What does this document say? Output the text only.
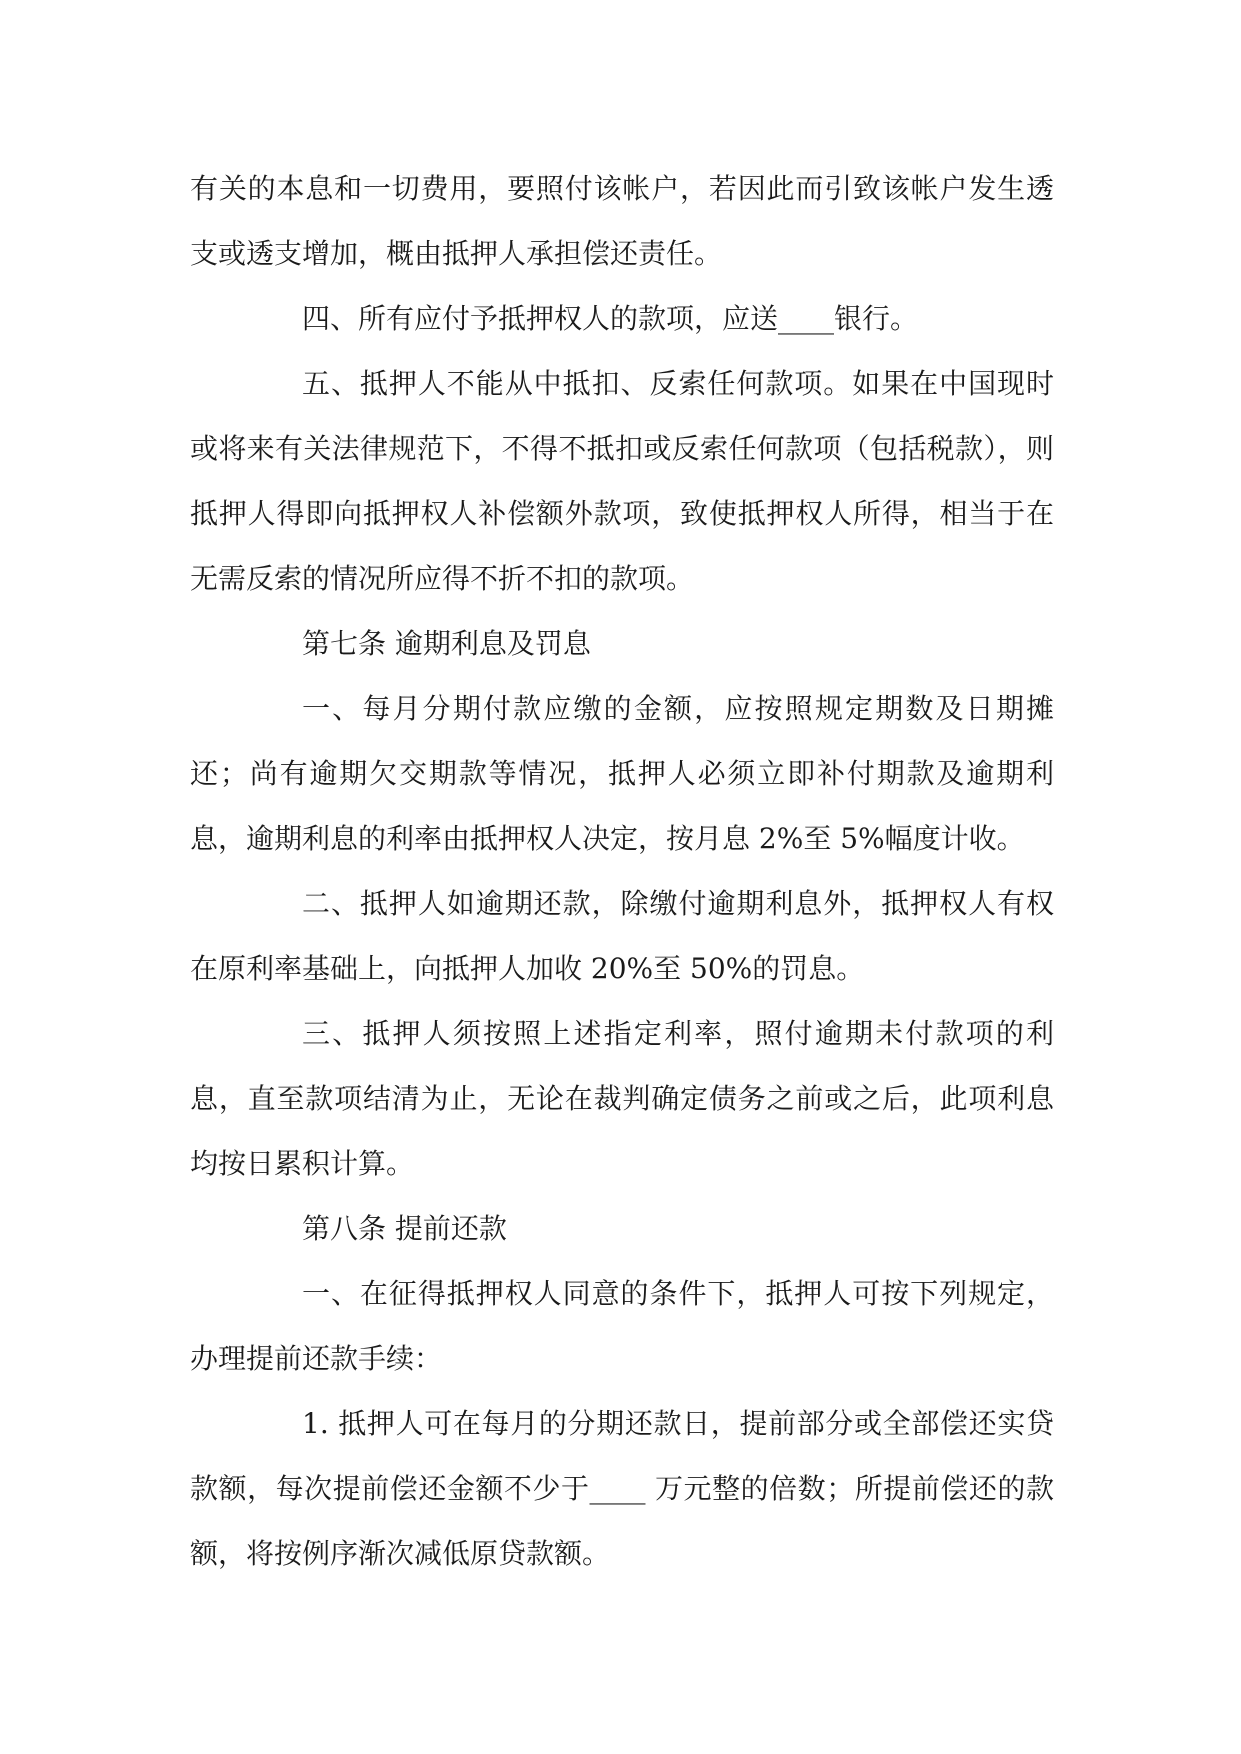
有关的本息和一切费用，要照付该帐户，若因此而引致该帐户发生透支或透支增加，概由抵押人承担偿还责任。

四、所有应付予抵押权人的款项，应送____银行。

五、抵押人不能从中抵扣、反索任何款项。如果在中国现时或将来有关法律规范下，不得不抵扣或反索任何款项（包括税款），则抵押人得即向抵押权人补偿额外款项，致使抵押权人所得，相当于在无需反索的情况所应得不折不扣的款项。

第七条 逾期利息及罚息

一、每月分期付款应缴的金额，应按照规定期数及日期摊还；尚有逾期欠交期款等情况，抵押人必须立即补付期款及逾期利息，逾期利息的利率由抵押权人决定，按月息 2%至 5%幅度计收。

二、抵押人如逾期还款，除缴付逾期利息外，抵押权人有权在原利率基础上，向抵押人加收 20%至 50%的罚息。

三、抵押人须按照上述指定利率，照付逾期未付款项的利息，直至款项结清为止，无论在裁判确定债务之前或之后，此项利息均按日累积计算。

第八条 提前还款

一、在征得抵押权人同意的条件下，抵押人可按下列规定，办理提前还款手续：

1. 抵押人可在每月的分期还款日，提前部分或全部偿还实贷款额，每次提前偿还金额不少于____ 万元整的倍数；所提前偿还的款额，将按例序渐次减低原贷款额。
